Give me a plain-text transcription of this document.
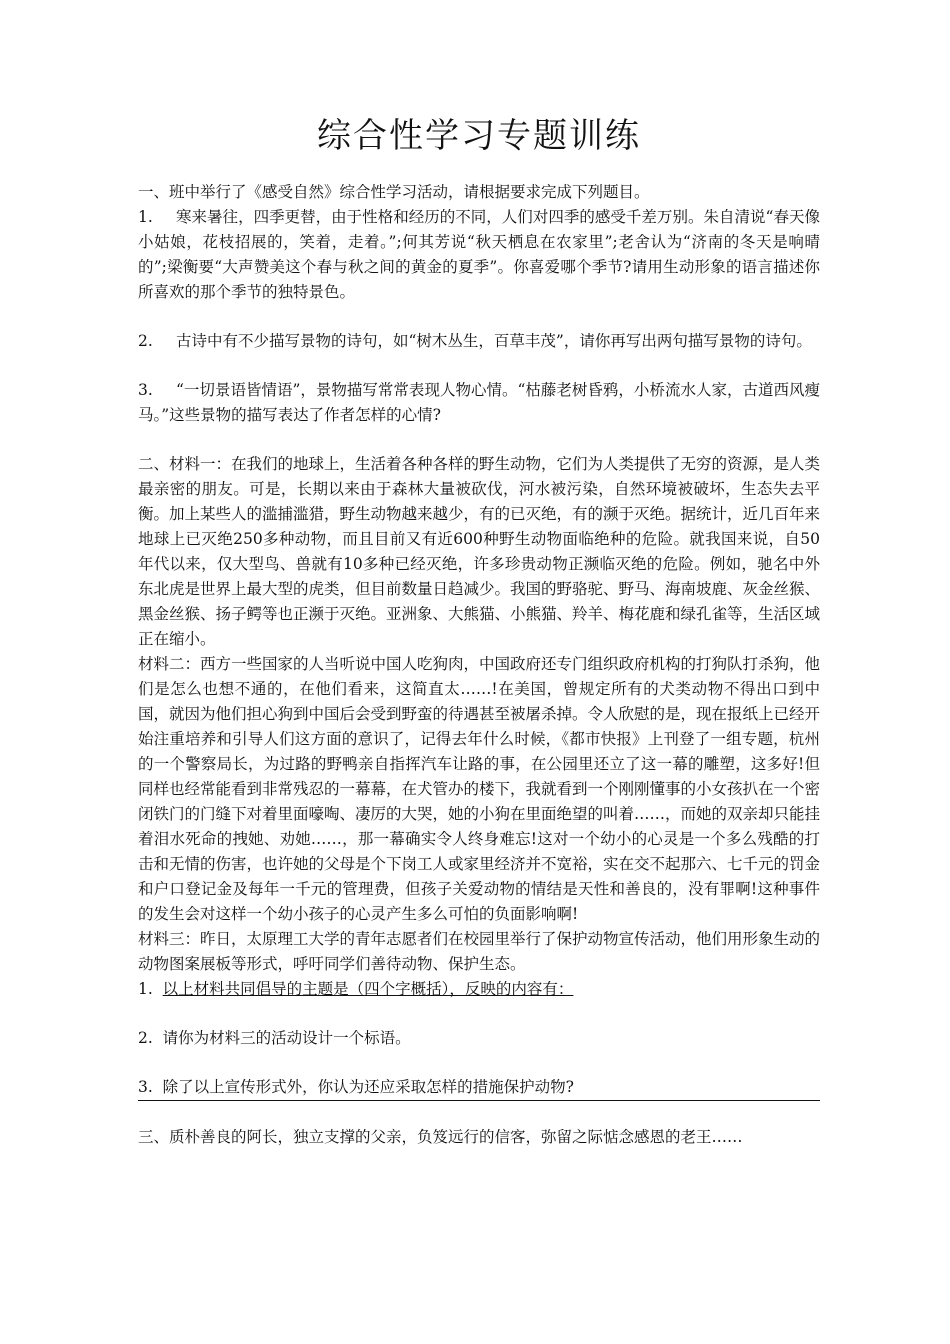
综合性学习专题训练

一、班中举行了《感受自然》综合性学习活动，请根据要求完成下列题目。

1. 寒来暑往，四季更替，由于性格和经历的不同，人们对四季的感受千差万别。朱自清说“春天像小姑娘，花枝招展的，笑着，走着。”;何其芳说“秋天栖息在农家里”;老舍认为“济南的冬天是响晴的”;梁衡要“大声赞美这个春与秋之间的黄金的夏季”。你喜爱哪个季节?请用生动形象的语言描述你所喜欢的那个季节的独特景色。

2. 古诗中有不少描写景物的诗句，如“树木丛生，百草丰茂”，请你再写出两句描写景物的诗句。

3. “一切景语皆情语”，景物描写常常表现人物心情。“枯藤老树昏鸦，小桥流水人家，古道西风瘦马。”这些景物的描写表达了作者怎样的心情?

二、材料一：在我们的地球上，生活着各种各样的野生动物，它们为人类提供了无穷的资源，是人类最亲密的朋友。可是，长期以来由于森林大量被砍伐，河水被污染，自然环境被破坏，生态失去平衡。加上某些人的滥捕滥猎，野生动物越来越少，有的已灭绝，有的濒于灭绝。据统计，近几百年来地球上已灭绝250多种动物，而且目前又有近600种野生动物面临绝种的危险。就我国来说，自50年代以来，仅大型鸟、兽就有10多种已经灭绝，许多珍贵动物正濒临灭绝的危险。例如，驰名中外东北虎是世界上最大型的虎类，但目前数量日趋减少。我国的野骆驼、野马、海南坡鹿、灰金丝猴、黑金丝猴、扬子鳄等也正濒于灭绝。亚洲象、大熊猫、小熊猫、羚羊、梅花鹿和绿孔雀等，生活区域正在缩小。

材料二：西方一些国家的人当听说中国人吃狗肉，中国政府还专门组织政府机构的打狗队打杀狗，他们是怎么也想不通的，在他们看来，这简直太……!在美国，曾规定所有的犬类动物不得出口到中国，就因为他们担心狗到中国后会受到野蛮的待遇甚至被屠杀掉。令人欣慰的是，现在报纸上已经开始注重培养和引导人们这方面的意识了，记得去年什么时候，《都市快报》上刊登了一组专题，杭州的一个警察局长，为过路的野鸭亲自指挥汽车让路的事，在公园里还立了这一幕的雕塑，这多好!但同样也经常能看到非常残忍的一幕幕，在犬管办的楼下，我就看到一个刚刚懂事的小女孩扒在一个密闭铁门的门缝下对着里面嚎啕、凄厉的大哭，她的小狗在里面绝望的叫着……，而她的双亲却只能挂着泪水死命的拽她、劝她……，那一幕确实令人终身难忘!这对一个幼小的心灵是一个多么残酷的打击和无情的伤害，也许她的父母是个下岗工人或家里经济并不宽裕，实在交不起那六、七千元的罚金和户口登记金及每年一千元的管理费，但孩子关爱动物的情结是天性和善良的，没有罪啊!这种事件的发生会对这样一个幼小孩子的心灵产生多么可怕的负面影响啊!

材料三：昨日，太原理工大学的青年志愿者们在校园里举行了保护动物宣传活动，他们用形象生动的动物图案展板等形式，呼吁同学们善待动物、保护生态。

1. 以上材料共同倡导的主题是（四个字概括），反映的内容有：

2. 请你为材料三的活动设计一个标语。

3. 除了以上宣传形式外，你认为还应采取怎样的措施保护动物?

三、质朴善良的阿长，独立支撑的父亲，负笈远行的信客，弥留之际惦念感恩的老王……
